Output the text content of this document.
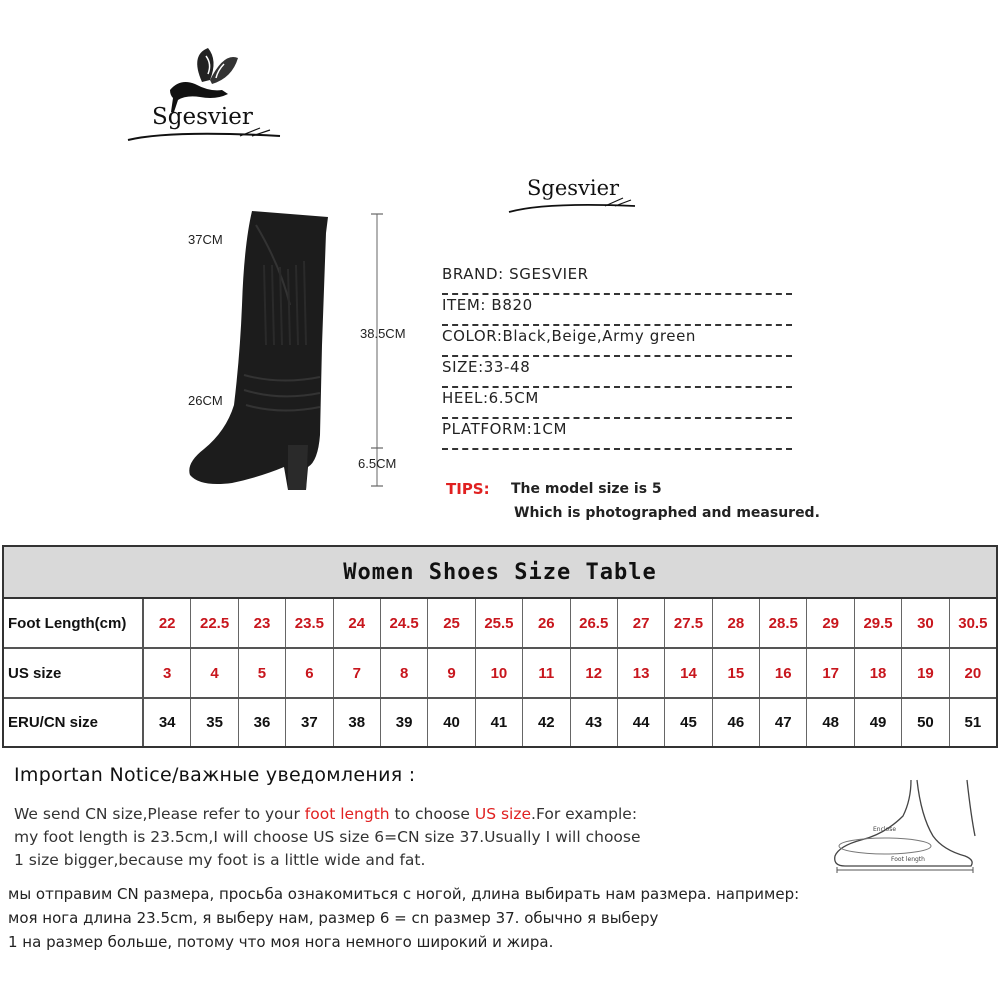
Sgesvier
Sgesvier
37CM
26CM
38.5CM
6.5CM
BRAND: SGESVIER
ITEM: B820
COLOR:Black,Beige,Army green
SIZE:33-48
HEEL:6.5CM
PLATFORM:1CM
TIPS: The model size is 5
Which is photographed and measured.
Women Shoes Size Table
Foot Length(cm)	22	22.5	23	23.5	24	24.5	25	25.5	26	26.5	27	27.5	28	28.5	29	29.5	30	30.5
US size	3	4	5	6	7	8	9	10	11	12	13	14	15	16	17	18	19	20
ERU/CN size	34	35	36	37	38	39	40	41	42	43	44	45	46	47	48	49	50	51
Importan Notice/важные уведомления :
We send CN size,Please refer to your foot length to choose US size.For example:
my foot length is 23.5cm,I will choose US size 6=CN size 37.Usually I will choose
1 size bigger,because my foot is a little wide and fat.
мы отправим CN размера, просьба ознакомиться с ногой, длина выбирать нам размера. например:
моя нога длина 23.5cm, я выберу нам, размер 6 = cn размер 37. обычно я выберу
1 на размер больше, потому что моя нога немного широкий и жира.
Enclose
Foot length
